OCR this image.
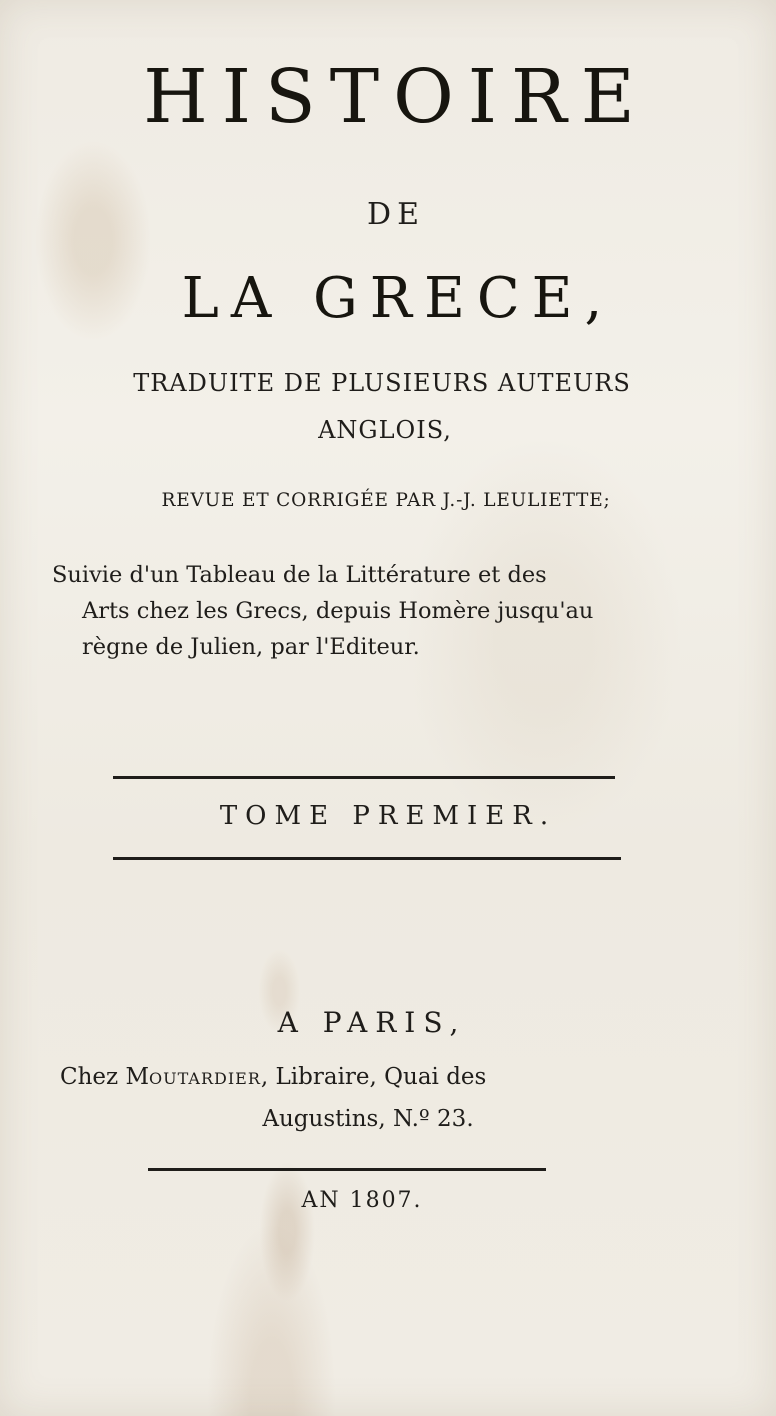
HISTOIRE
DE
LA GRECE,
TRADUITE DE PLUSIEURS AUTEURS
ANGLOIS,
REVUE ET CORRIGÉE PAR J.-J. LEULIETTE;
Suivie d'un Tableau de la Littérature et des
Arts chez les Grecs, depuis Homère jusqu'au
règne de Julien, par l'Editeur.
TOME PREMIER.
A PARIS,
Chez MOUTARDIER, Libraire, Quai des
Augustins, N.º 23.
AN 1807.
